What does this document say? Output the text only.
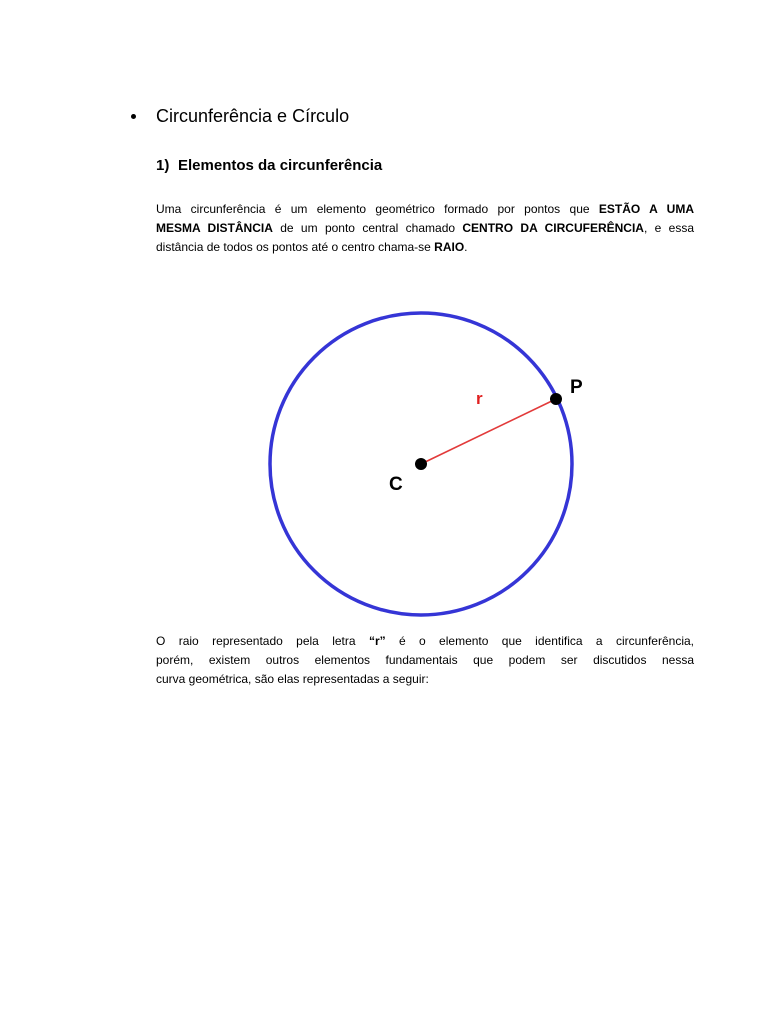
Circunferência e Círculo
1) Elementos da circunferência
Uma circunferência é um elemento geométrico formado por pontos que ESTÃO A UMA
MESMA DISTÂNCIA de um ponto central chamado CENTRO DA CIRCUFERÊNCIA, e essa
distância de todos os pontos até o centro chama-se RAIO.
C
P
r
O raio representado pela letra “r” é o elemento que identifica a circunferência,
porém, existem outros elementos fundamentais que podem ser discutidos nessa
curva geométrica, são elas representadas a seguir:
